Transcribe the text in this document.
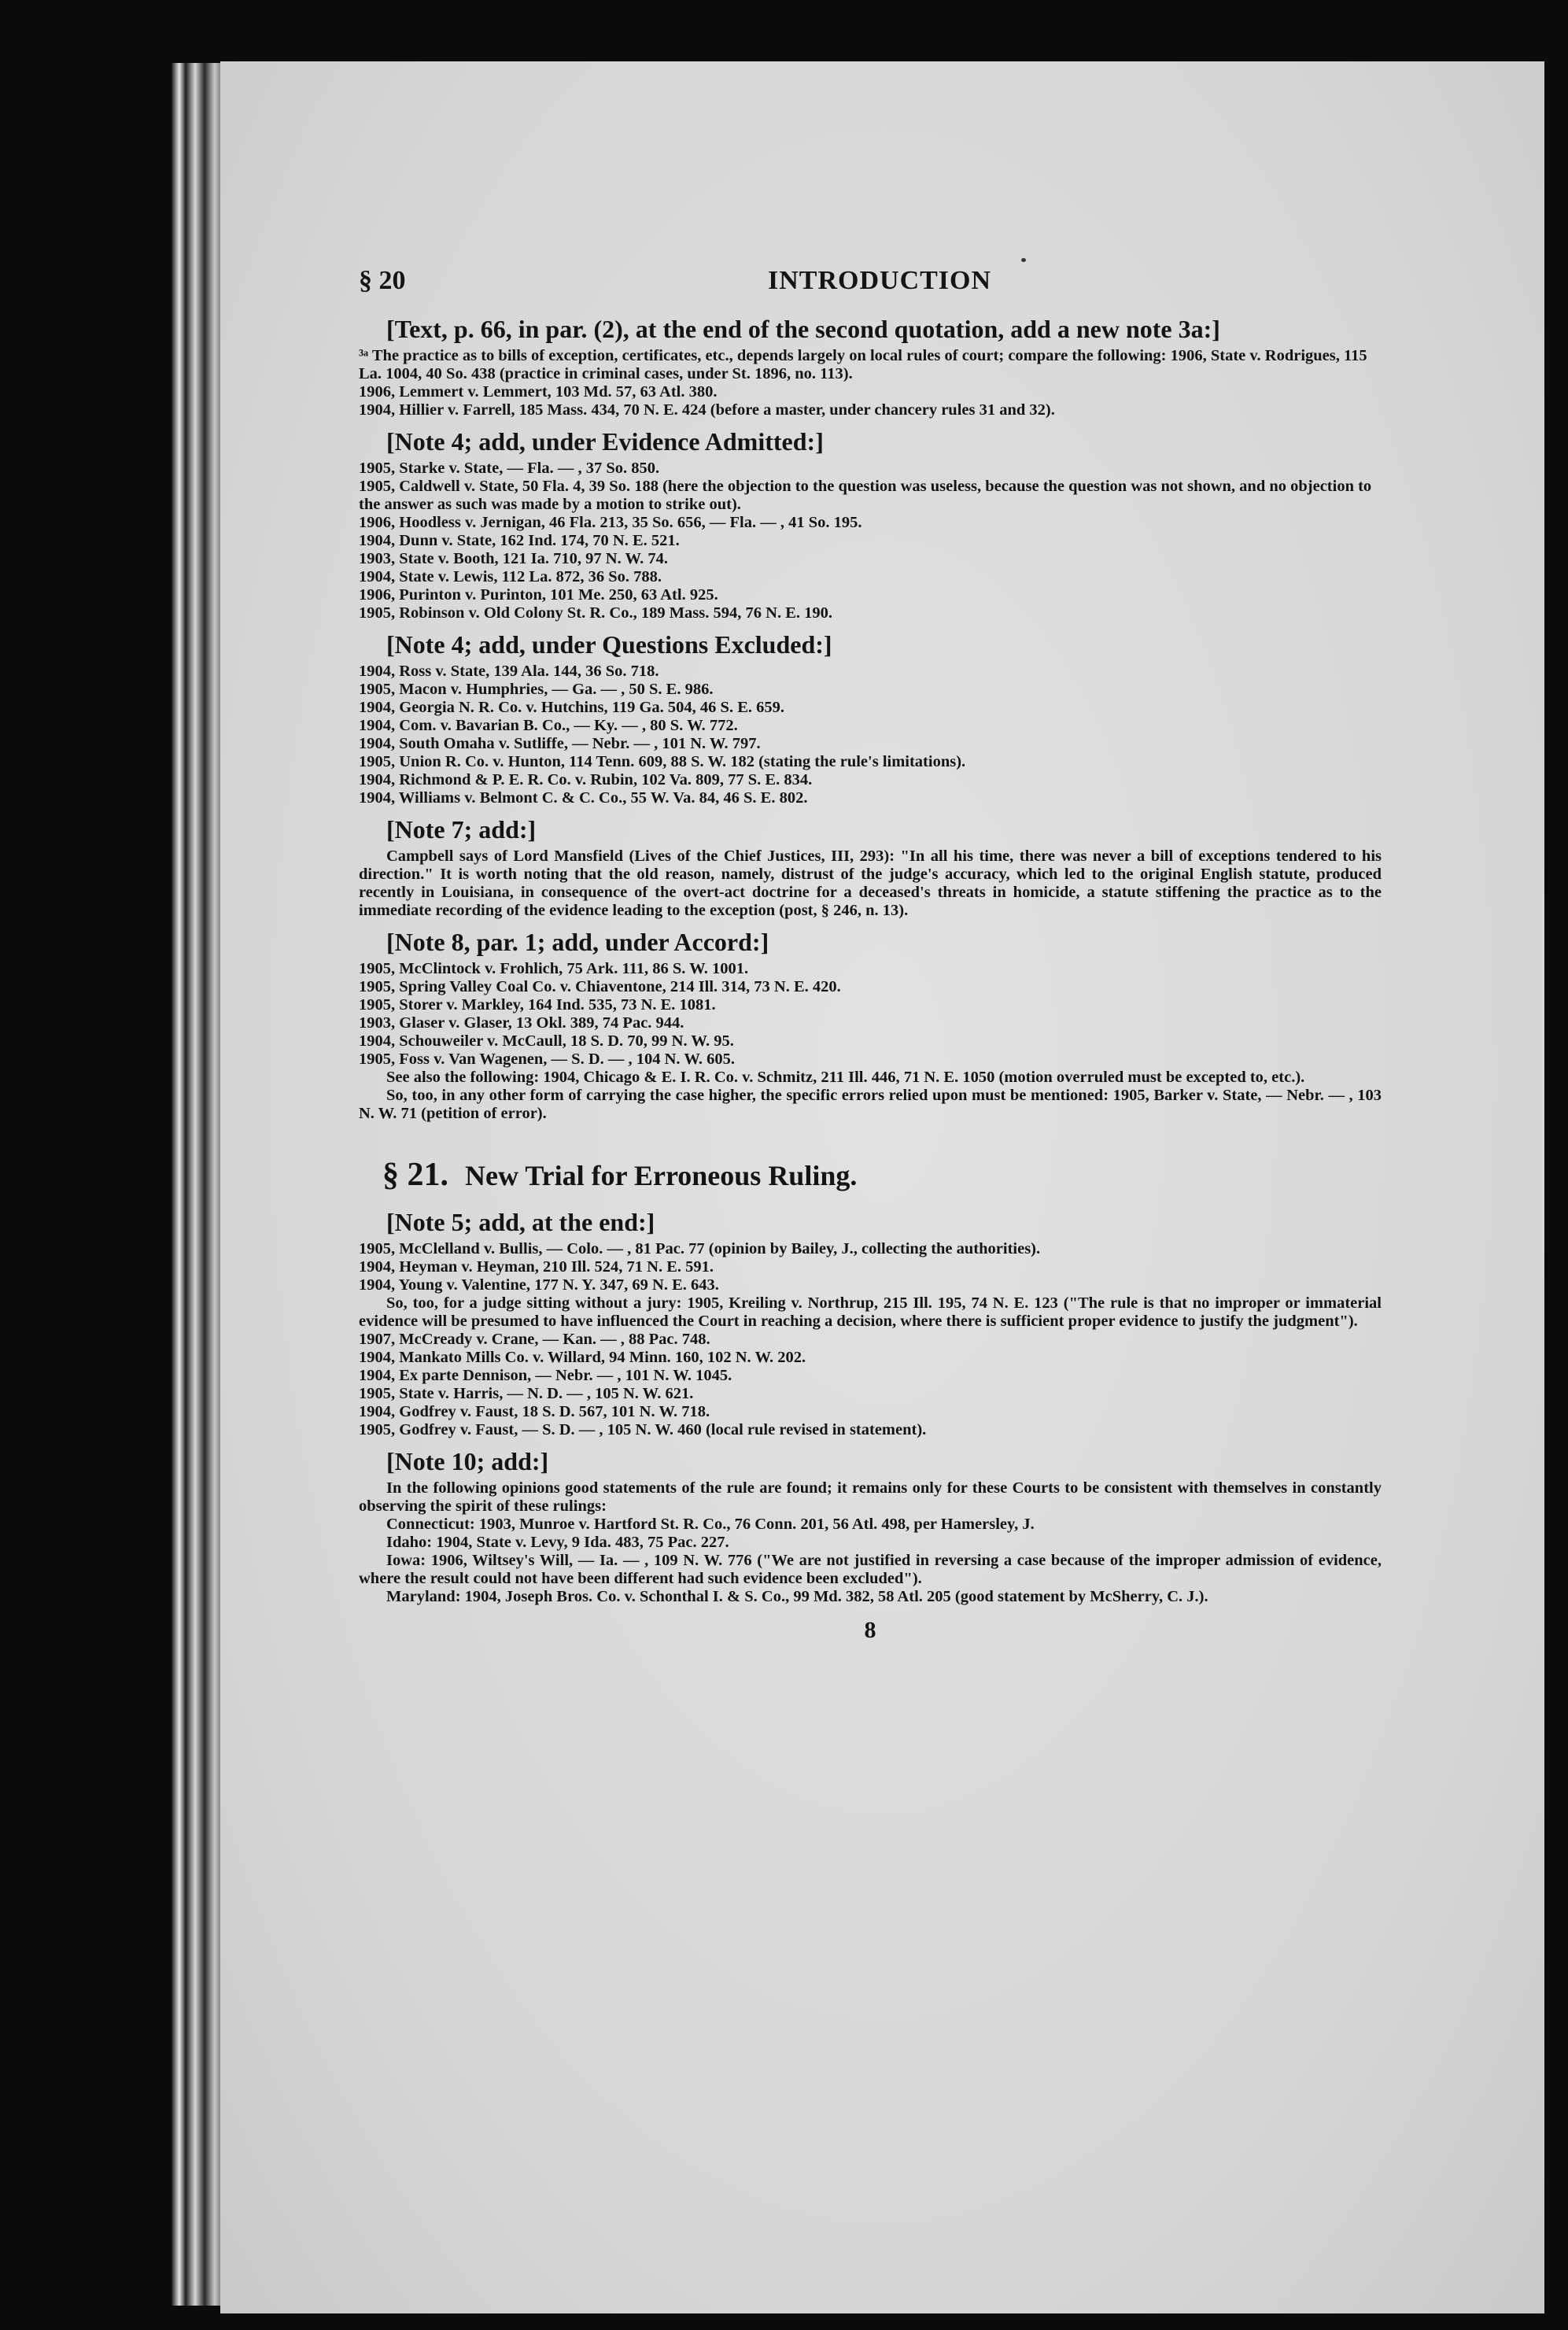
§ 20	INTRODUCTION
[Text, p. 66, in par. (2), at the end of the second quotation, add a new note 3a:]
³ᵃ The practice as to bills of exception, certificates, etc., depends largely on local rules of court; compare the following: 1906, State v. Rodrigues, 115 La. 1004, 40 So. 438 (practice in criminal cases, under St. 1896, no. 113).
1906, Lemmert v. Lemmert, 103 Md. 57, 63 Atl. 380.
1904, Hillier v. Farrell, 185 Mass. 434, 70 N. E. 424 (before a master, under chancery rules 31 and 32).
[Note 4; add, under Evidence Admitted:]
1905, Starke v. State, — Fla. — , 37 So. 850.
1905, Caldwell v. State, 50 Fla. 4, 39 So. 188 (here the objection to the question was useless, because the question was not shown, and no objection to the answer as such was made by a motion to strike out).
1906, Hoodless v. Jernigan, 46 Fla. 213, 35 So. 656, — Fla. — , 41 So. 195.
1904, Dunn v. State, 162 Ind. 174, 70 N. E. 521.
1903, State v. Booth, 121 Ia. 710, 97 N. W. 74.
1904, State v. Lewis, 112 La. 872, 36 So. 788.
1906, Purinton v. Purinton, 101 Me. 250, 63 Atl. 925.
1905, Robinson v. Old Colony St. R. Co., 189 Mass. 594, 76 N. E. 190.
[Note 4; add, under Questions Excluded:]
1904, Ross v. State, 139 Ala. 144, 36 So. 718.
1905, Macon v. Humphries, — Ga. — , 50 S. E. 986.
1904, Georgia N. R. Co. v. Hutchins, 119 Ga. 504, 46 S. E. 659.
1904, Com. v. Bavarian B. Co., — Ky. — , 80 S. W. 772.
1904, South Omaha v. Sutliffe, — Nebr. — , 101 N. W. 797.
1905, Union R. Co. v. Hunton, 114 Tenn. 609, 88 S. W. 182 (stating the rule's limitations).
1904, Richmond & P. E. R. Co. v. Rubin, 102 Va. 809, 77 S. E. 834.
1904, Williams v. Belmont C. & C. Co., 55 W. Va. 84, 46 S. E. 802.
[Note 7; add:]
Campbell says of Lord Mansfield (Lives of the Chief Justices, III, 293): "In all his time, there was never a bill of exceptions tendered to his direction." It is worth noting that the old reason, namely, distrust of the judge's accuracy, which led to the original English statute, produced recently in Louisiana, in consequence of the overt-act doctrine for a deceased's threats in homicide, a statute stiffening the practice as to the immediate recording of the evidence leading to the exception (post, § 246, n. 13).
[Note 8, par. 1; add, under Accord:]
1905, McClintock v. Frohlich, 75 Ark. 111, 86 S. W. 1001.
1905, Spring Valley Coal Co. v. Chiaventone, 214 Ill. 314, 73 N. E. 420.
1905, Storer v. Markley, 164 Ind. 535, 73 N. E. 1081.
1903, Glaser v. Glaser, 13 Okl. 389, 74 Pac. 944.
1904, Schouweiler v. McCaull, 18 S. D. 70, 99 N. W. 95.
1905, Foss v. Van Wagenen, — S. D. — , 104 N. W. 605.
See also the following: 1904, Chicago & E. I. R. Co. v. Schmitz, 211 Ill. 446, 71 N. E. 1050 (motion overruled must be excepted to, etc.).
So, too, in any other form of carrying the case higher, the specific errors relied upon must be mentioned: 1905, Barker v. State, — Nebr. — , 103 N. W. 71 (petition of error).
§ 21. New Trial for Erroneous Ruling.
[Note 5; add, at the end:]
1905, McClelland v. Bullis, — Colo. — , 81 Pac. 77 (opinion by Bailey, J., collecting the authorities).
1904, Heyman v. Heyman, 210 Ill. 524, 71 N. E. 591.
1904, Young v. Valentine, 177 N. Y. 347, 69 N. E. 643.
So, too, for a judge sitting without a jury: 1905, Kreiling v. Northrup, 215 Ill. 195, 74 N. E. 123 ("The rule is that no improper or immaterial evidence will be presumed to have influenced the Court in reaching a decision, where there is sufficient proper evidence to justify the judgment").
1907, McCready v. Crane, — Kan. — , 88 Pac. 748.
1904, Mankato Mills Co. v. Willard, 94 Minn. 160, 102 N. W. 202.
1904, Ex parte Dennison, — Nebr. — , 101 N. W. 1045.
1905, State v. Harris, — N. D. — , 105 N. W. 621.
1904, Godfrey v. Faust, 18 S. D. 567, 101 N. W. 718.
1905, Godfrey v. Faust, — S. D. — , 105 N. W. 460 (local rule revised in statement).
[Note 10; add:]
In the following opinions good statements of the rule are found; it remains only for these Courts to be consistent with themselves in constantly observing the spirit of these rulings:
Connecticut: 1903, Munroe v. Hartford St. R. Co., 76 Conn. 201, 56 Atl. 498, per Hamersley, J.
Idaho: 1904, State v. Levy, 9 Ida. 483, 75 Pac. 227.
Iowa: 1906, Wiltsey's Will, — Ia. — , 109 N. W. 776 ("We are not justified in reversing a case because of the improper admission of evidence, where the result could not have been different had such evidence been excluded").
Maryland: 1904, Joseph Bros. Co. v. Schonthal I. & S. Co., 99 Md. 382, 58 Atl. 205 (good statement by McSherry, C. J.).
8
